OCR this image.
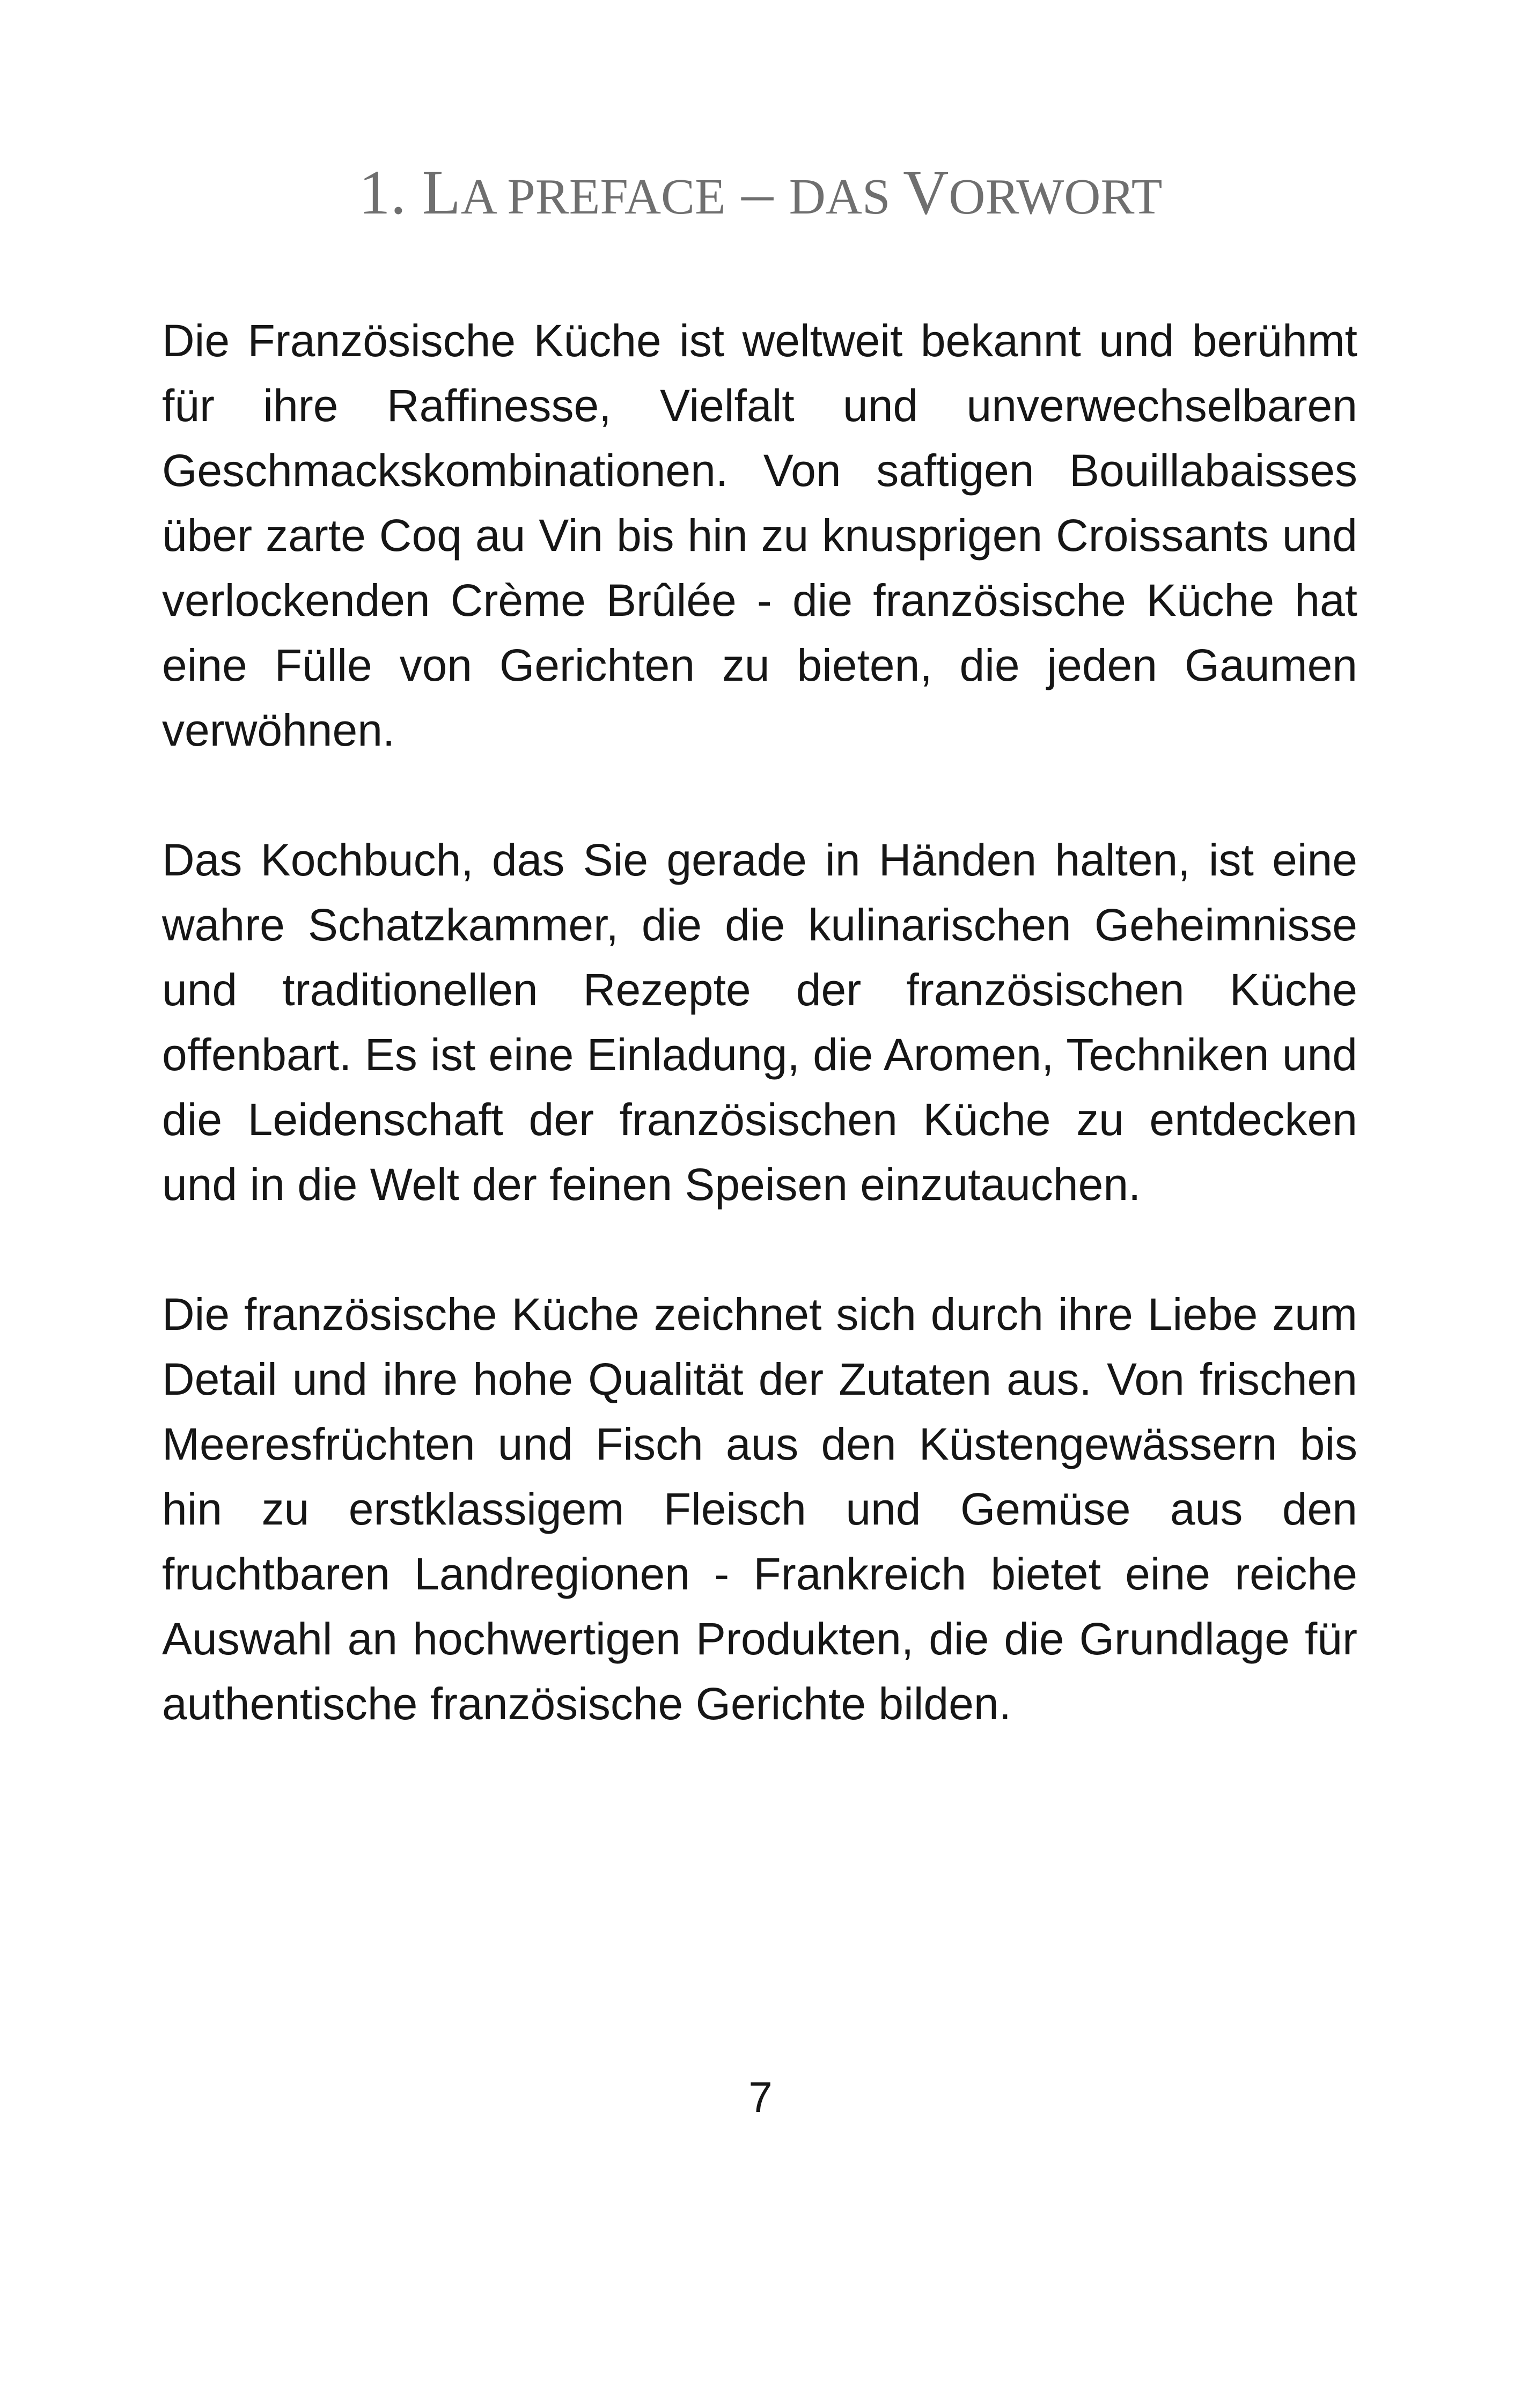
1. LA PREFACE – DAS VORWORT

Die Französische Küche ist weltweit bekannt und berühmt für ihre Raffinesse, Vielfalt und unverwechselbaren Geschmackskombinationen. Von saftigen Bouillabaisses über zarte Coq au Vin bis hin zu knusprigen Croissants und verlockenden Crème Brûlée - die französische Küche hat eine Fülle von Gerichten zu bieten, die jeden Gaumen verwöhnen.

Das Kochbuch, das Sie gerade in Händen halten, ist eine wahre Schatzkammer, die die kulinarischen Geheimnisse und traditionellen Rezepte der französischen Küche offenbart. Es ist eine Einladung, die Aromen, Techniken und die Leidenschaft der französischen Küche zu entdecken und in die Welt der feinen Speisen einzutauchen.

Die französische Küche zeichnet sich durch ihre Liebe zum Detail und ihre hohe Qualität der Zutaten aus. Von frischen Meeresfrüchten und Fisch aus den Küstengewässern bis hin zu erstklassigem Fleisch und Gemüse aus den fruchtbaren Landregionen - Frankreich bietet eine reiche Auswahl an hochwertigen Produkten, die die Grundlage für authentische französische Gerichte bilden.

7
